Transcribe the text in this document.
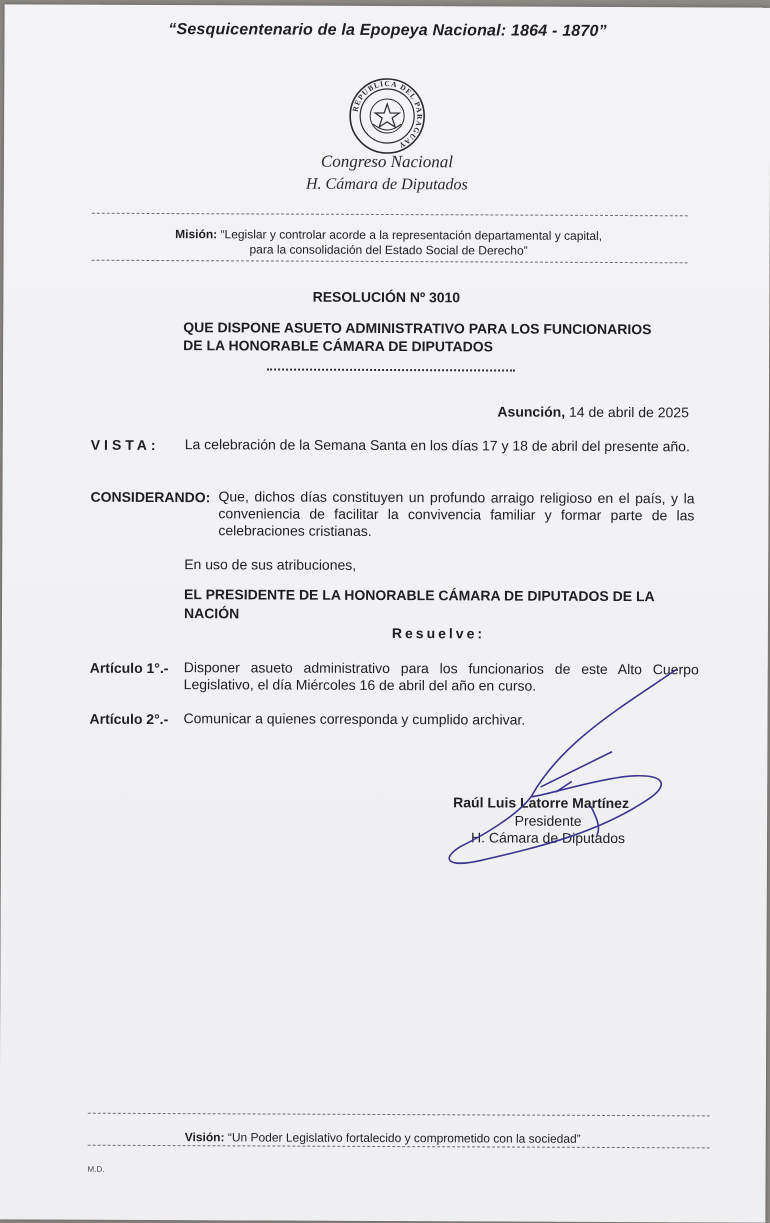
“Sesquicentenario de la Epopeya Nacional: 1864 - 1870”
REPUBLICA DEL PARAGUAY
Congreso Nacional
H. Cámara de Diputados
Misión: “Legislar y controlar acorde a la representación departamental y capital,
para la consolidación del Estado Social de Derecho”
RESOLUCIÓN Nº 3010
QUE DISPONE ASUETO ADMINISTRATIVO PARA LOS FUNCIONARIOS
DE LA HONORABLE CÁMARA DE DIPUTADOS
Asunción, 14 de abril de 2025
VISTA: La celebración de la Semana Santa en los días 17 y 18 de abril del presente año.
CONSIDERANDO: Que, dichos días constituyen un profundo arraigo religioso en el país, y la conveniencia de facilitar la convivencia familiar y formar parte de las celebraciones cristianas.
En uso de sus atribuciones,
EL PRESIDENTE DE LA HONORABLE CÁMARA DE DIPUTADOS DE LA NACIÓN
Resuelve:
Artículo 1°.- Disponer asueto administrativo para los funcionarios de este Alto Cuerpo Legislativo, el día Miércoles 16 de abril del año en curso.
Artículo 2°.- Comunicar a quienes corresponda y cumplido archivar.
Raúl Luis Latorre Martínez
Presidente
H. Cámara de Diputados
Visión: “Un Poder Legislativo fortalecido y comprometido con la sociedad”
M.D.
